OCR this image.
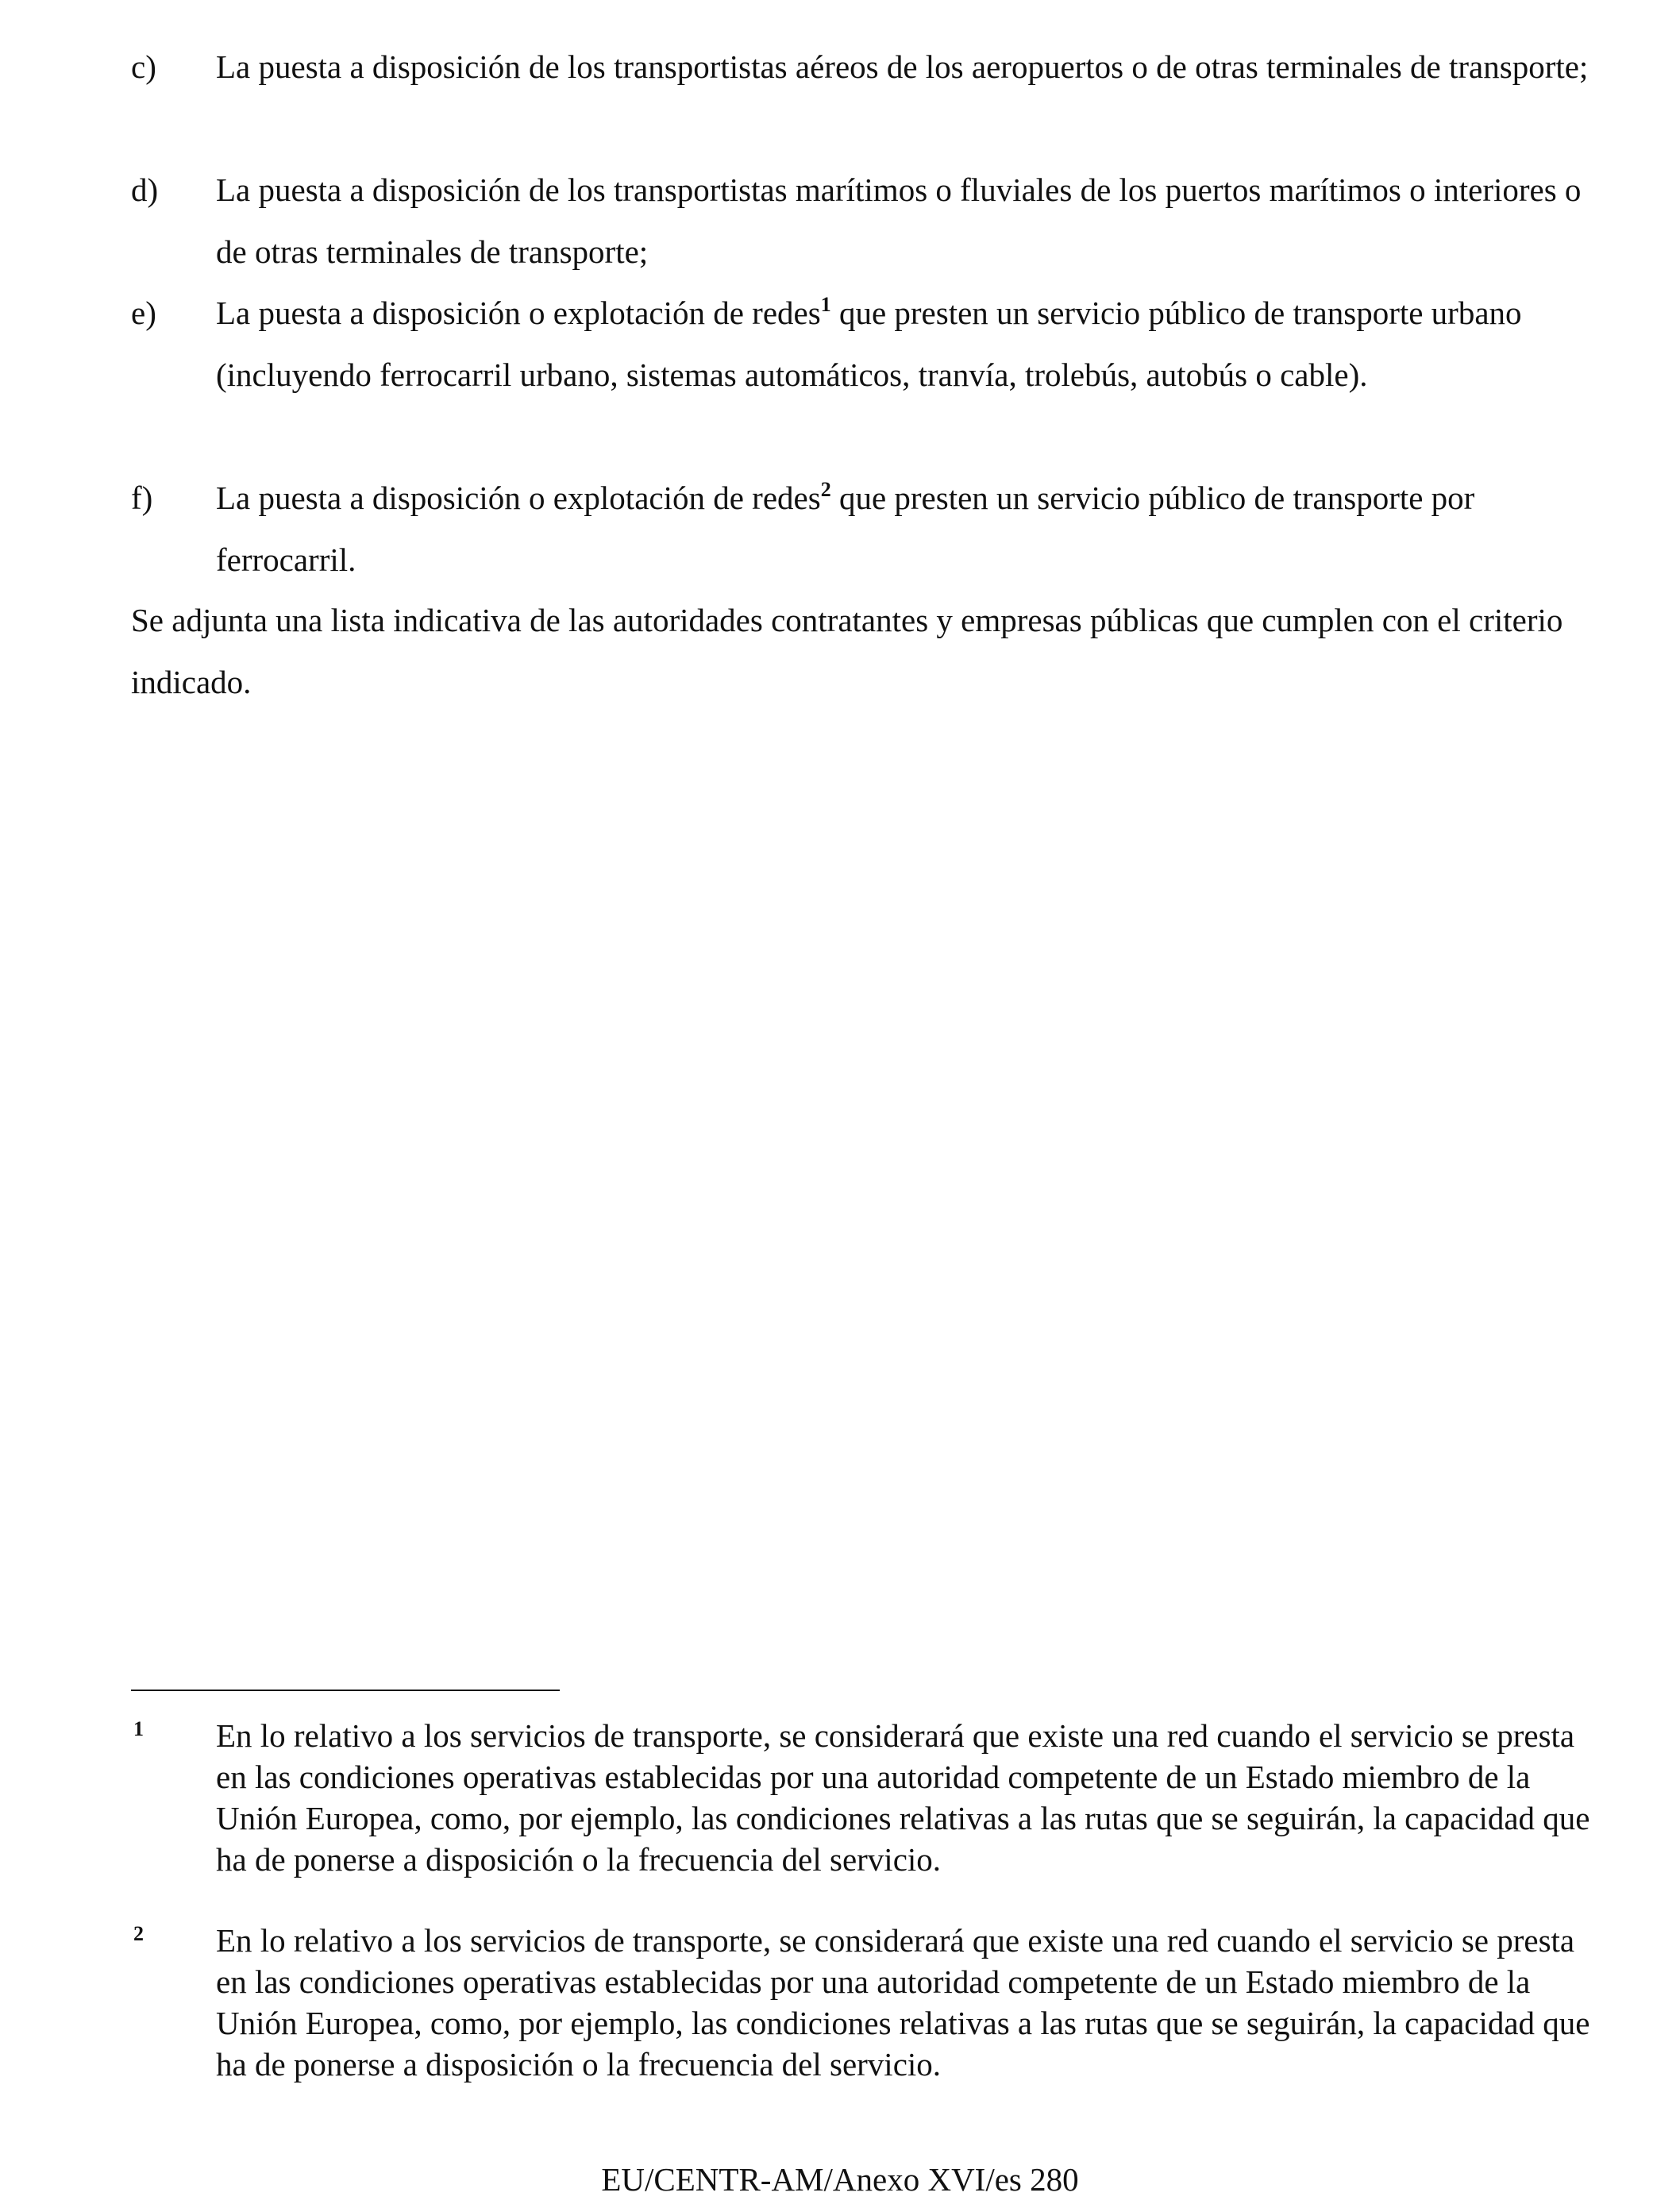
c) La puesta a disposición de los transportistas aéreos de los aeropuertos o de otras terminales de transporte;
d) La puesta a disposición de los transportistas marítimos o fluviales de los puertos marítimos o interiores o de otras terminales de transporte;
e) La puesta a disposición o explotación de redes$^1$ que presten un servicio público de transporte urbano (incluyendo ferrocarril urbano, sistemas automáticos, tranvía, trolebús, autobús o cable).
f) La puesta a disposición o explotación de redes$^2$ que presten un servicio público de transporte por ferrocarril.
Se adjunta una lista indicativa de las autoridades contratantes y empresas públicas que cumplen con el criterio indicado.
1 En lo relativo a los servicios de transporte, se considerará que existe una red cuando el servicio se presta en las condiciones operativas establecidas por una autoridad competente de un Estado miembro de la Unión Europea, como, por ejemplo, las condiciones relativas a las rutas que se seguirán, la capacidad que ha de ponerse a disposición o la frecuencia del servicio.
2 En lo relativo a los servicios de transporte, se considerará que existe una red cuando el servicio se presta en las condiciones operativas establecidas por una autoridad competente de un Estado miembro de la Unión Europea, como, por ejemplo, las condiciones relativas a las rutas que se seguirán, la capacidad que ha de ponerse a disposición o la frecuencia del servicio.
EU/CENTR-AM/Anexo XVI/es 280
